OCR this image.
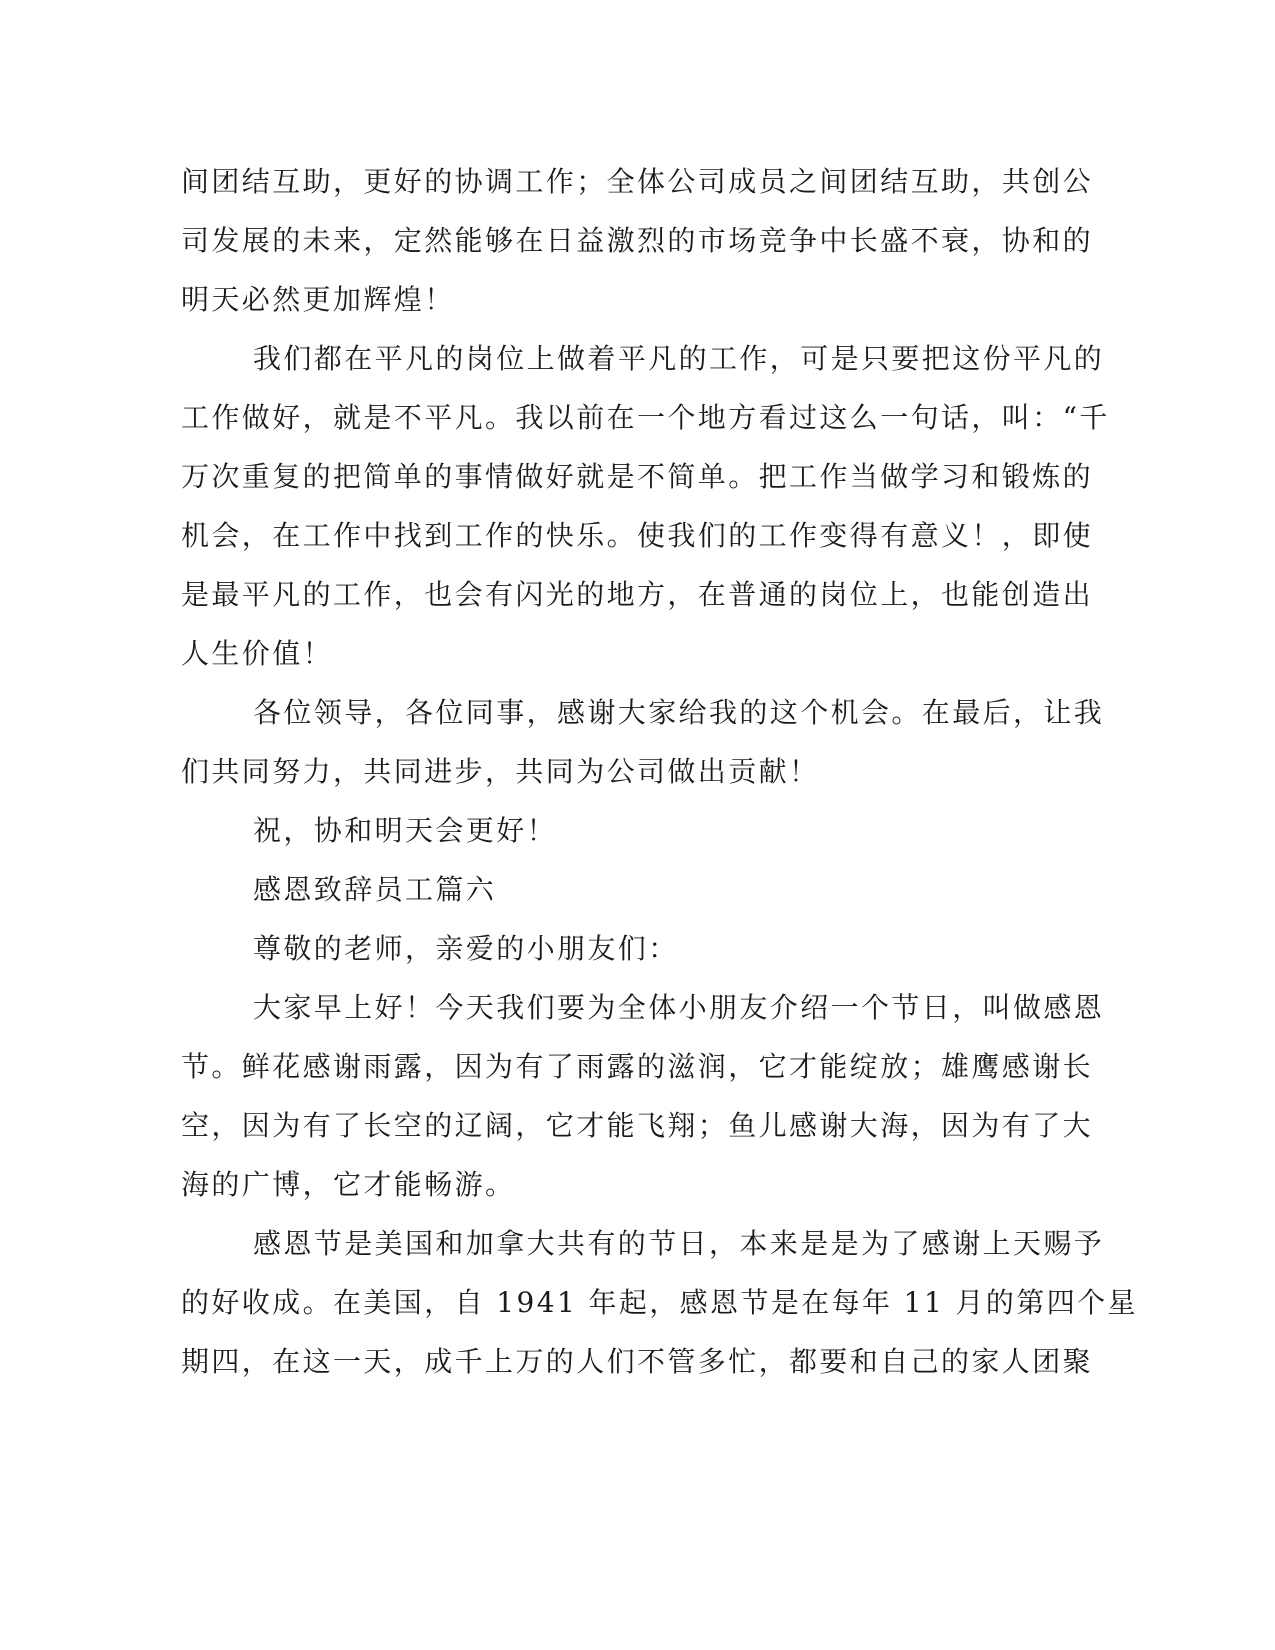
间团结互助，更好的协调工作；全体公司成员之间团结互助，共创公
司发展的未来，定然能够在日益激烈的市场竞争中长盛不衰，协和的
明天必然更加辉煌！
我们都在平凡的岗位上做着平凡的工作，可是只要把这份平凡的
工作做好，就是不平凡。我以前在一个地方看过这么一句话，叫：“千
万次重复的把简单的事情做好就是不简单。把工作当做学习和锻炼的
机会，在工作中找到工作的快乐。使我们的工作变得有意义！，即使
是最平凡的工作，也会有闪光的地方，在普通的岗位上，也能创造出
人生价值！
各位领导，各位同事，感谢大家给我的这个机会。在最后，让我
们共同努力，共同进步，共同为公司做出贡献！
祝，协和明天会更好！
感恩致辞员工篇六
尊敬的老师，亲爱的小朋友们：
大家早上好！今天我们要为全体小朋友介绍一个节日，叫做感恩
节。鲜花感谢雨露，因为有了雨露的滋润，它才能绽放；雄鹰感谢长
空，因为有了长空的辽阔，它才能飞翔；鱼儿感谢大海，因为有了大
海的广博，它才能畅游。
感恩节是美国和加拿大共有的节日，本来是是为了感谢上天赐予
的好收成。在美国，自 1941 年起，感恩节是在每年 11 月的第四个星
期四，在这一天，成千上万的人们不管多忙，都要和自己的家人团聚
